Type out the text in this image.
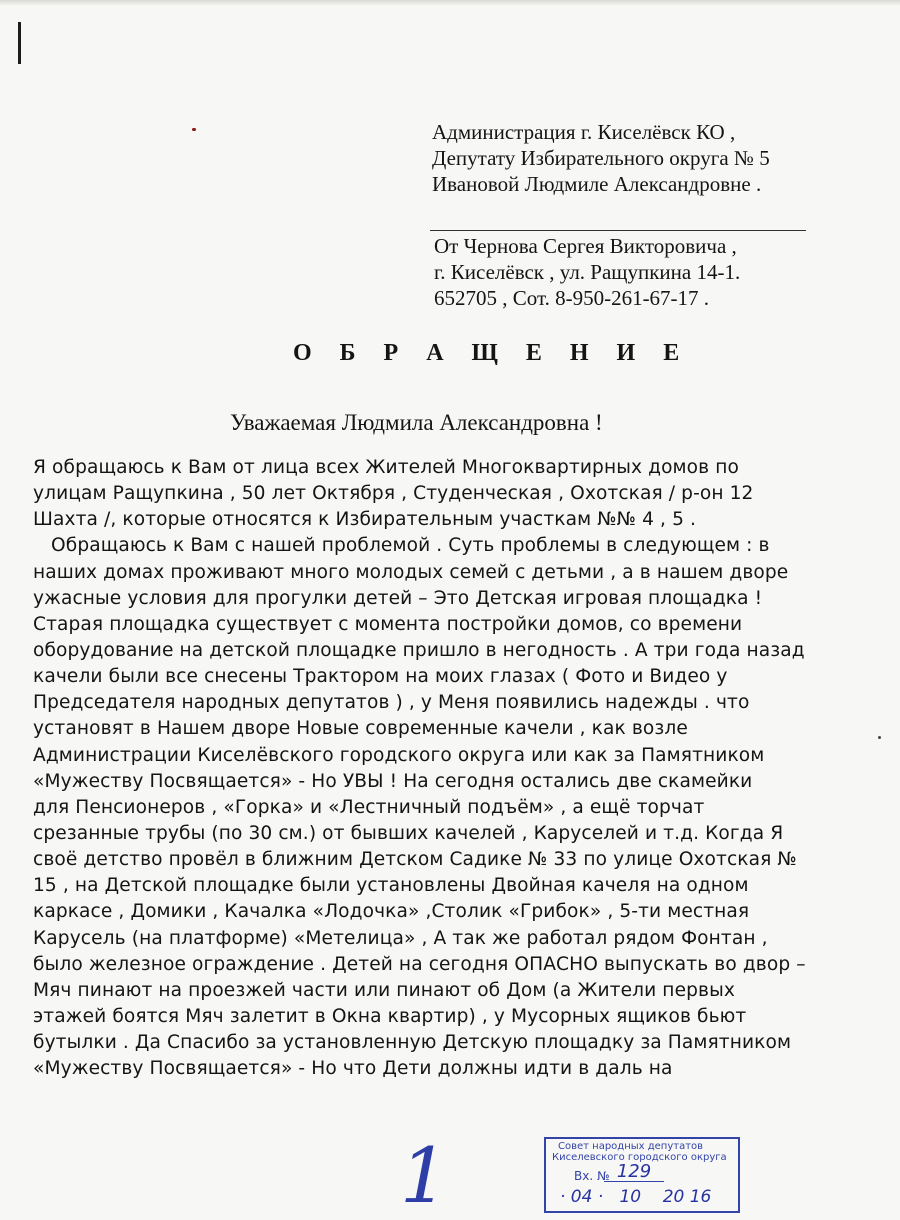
Администрация г. Киселёвск КО ,
Депутату Избирательного округа № 5
Ивановой Людмиле Александровне .
От Чернова Сергея Викторовича ,
г. Киселёвск , ул. Ращупкина 14-1.
652705 , Сот. 8-950-261-67-17 .
О Б Р А Щ Е Н И Е
Уважаемая Людмила Александровна !
Я обращаюсь к Вам от лица всех Жителей Многоквартирных домов по
улицам Ращупкина , 50 лет Октября , Студенческая , Охотская / р-он 12
Шахта /, которые относятся к Избирательным участкам №№ 4 , 5 .
Обращаюсь к Вам с нашей проблемой . Суть проблемы в следующем : в
наших домах проживают много молодых семей с детьми , а в нашем дворе
ужасные условия для прогулки детей – Это Детская игровая площадка !
Старая площадка существует с момента постройки домов, со времени
оборудование на детской площадке пришло в негодность . А три года назад
качели были все снесены Трактором на моих глазах ( Фото и Видео у
Председателя народных депутатов ) , у Меня появились надежды . что
установят в Нашем дворе Новые современные качели , как возле
Администрации Киселёвского городского округа или как за Памятником
«Мужеству Посвящается» - Но УВЫ ! На сегодня остались две скамейки
для Пенсионеров , «Горка» и «Лестничный подъём» , а ещё торчат
срезанные трубы (по 30 см.) от бывших качелей , Каруселей и т.д. Когда Я
своё детство провёл в ближним Детском Садике № 33 по улице Охотская №
15 , на Детской площадке были установлены Двойная качеля на одном
каркасе , Домики , Качалка «Лодочка» ,Столик «Грибок» , 5-ти местная
Карусель (на платформе) «Метелица» , А так же работал рядом Фонтан ,
было железное ограждение . Детей на сегодня ОПАСНО выпускать во двор –
Мяч пинают на проезжей части или пинают об Дом (а Жители первых
этажей боятся Мяч залетит в Окна квартир) , у Мусорных ящиков бьют
бутылки . Да Спасибо за установленную Детскую площадку за Памятником
«Мужеству Посвящается» - Но что Дети должны идти в даль на
1	Совет народных депутатов
Киселевского городского округа
Вх. № 129
· 04 ·   10    20 16
